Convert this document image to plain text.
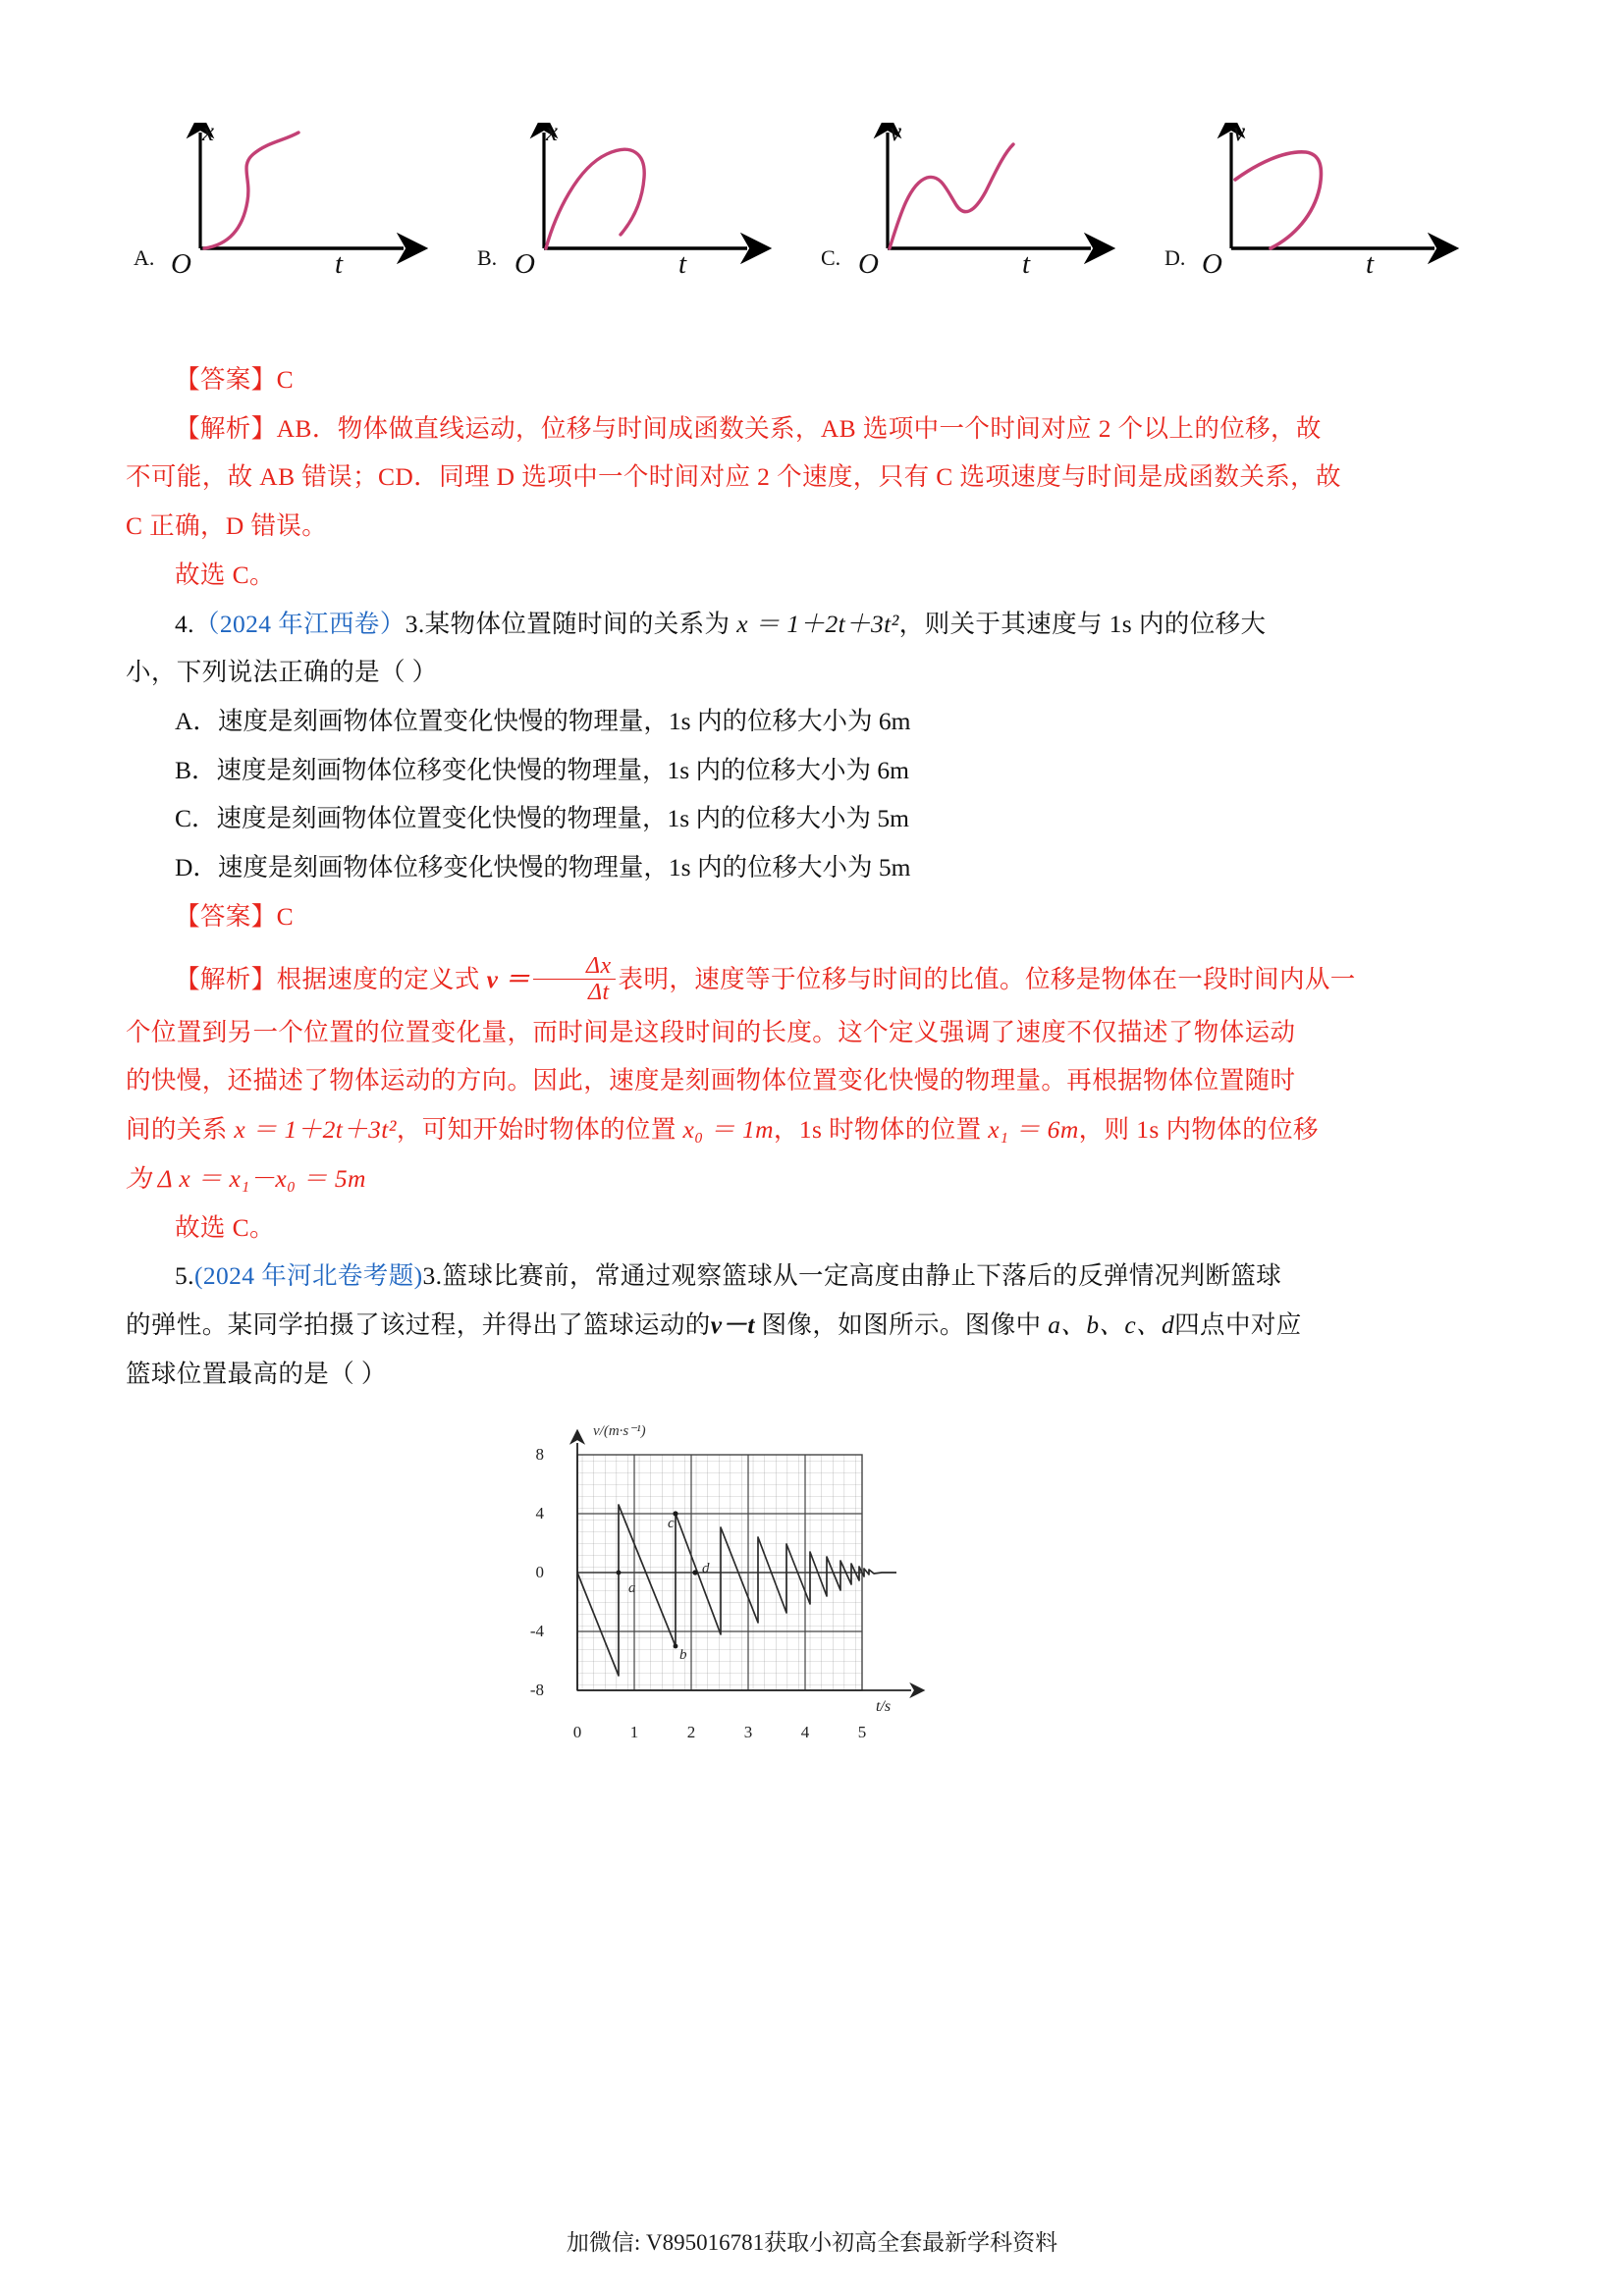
A.
x
O	t	B.
x
O	t	C.
v
O	t	D.
v
O	t

【答案】C

【解析】AB．物体做直线运动，位移与时间成函数关系，AB 选项中一个时间对应 2 个以上的位移，故

不可能，故 AB 错误；CD．同理 D 选项中一个时间对应 2 个速度，只有 C 选项速度与时间是成函数关系，故

C 正确，D 错误。

故选 C。

4.（2024 年江西卷）3.某物体位置随时间的关系为 x ＝ 1＋2t＋3t²，则关于其速度与 1s 内的位移大

小，下列说法正确的是（ ）

A．速度是刻画物体位置变化快慢的物理量，1s 内的位移大小为 6m

B．速度是刻画物体位移变化快慢的物理量，1s 内的位移大小为 6m

C．速度是刻画物体位置变化快慢的物理量，1s 内的位移大小为 5m

D．速度是刻画物体位移变化快慢的物理量，1s 内的位移大小为 5m

【答案】C

【解析】根据速度的定义式 $v = \frac{\Delta x}{\Delta t}$ 表明，速度等于位移与时间的比值。位移是物体在一段时间内从一

个位置到另一个位置的位置变化量，而时间是这段时间的长度。这个定义强调了速度不仅描述了物体运动

的快慢，还描述了物体运动的方向。因此，速度是刻画物体位置变化快慢的物理量。再根据物体位置随时

间的关系 x ＝ 1＋2t＋3t²，可知开始时物体的位置 x₀ ＝ 1m，1s 时物体的位置 x₁ ＝ 6m，则 1s 内物体的位移

为 Δ x ＝ x₁－x₀ ＝ 5m

故选 C。

5.(2024 年河北卷考题)3.篮球比赛前，常通过观察篮球从一定高度由静止下落后的反弹情况判断篮球

的弹性。某同学拍摄了该过程，并得出了篮球运动的v－t 图像，如图所示。图像中 a、b、c、d四点中对应

篮球位置最高的是（ ）

v/(m·s⁻¹)
8
4
0
-4
-8
0	1	2	3	4	5
t/s
加微信: V895016781获取小初高全套最新学科资料
